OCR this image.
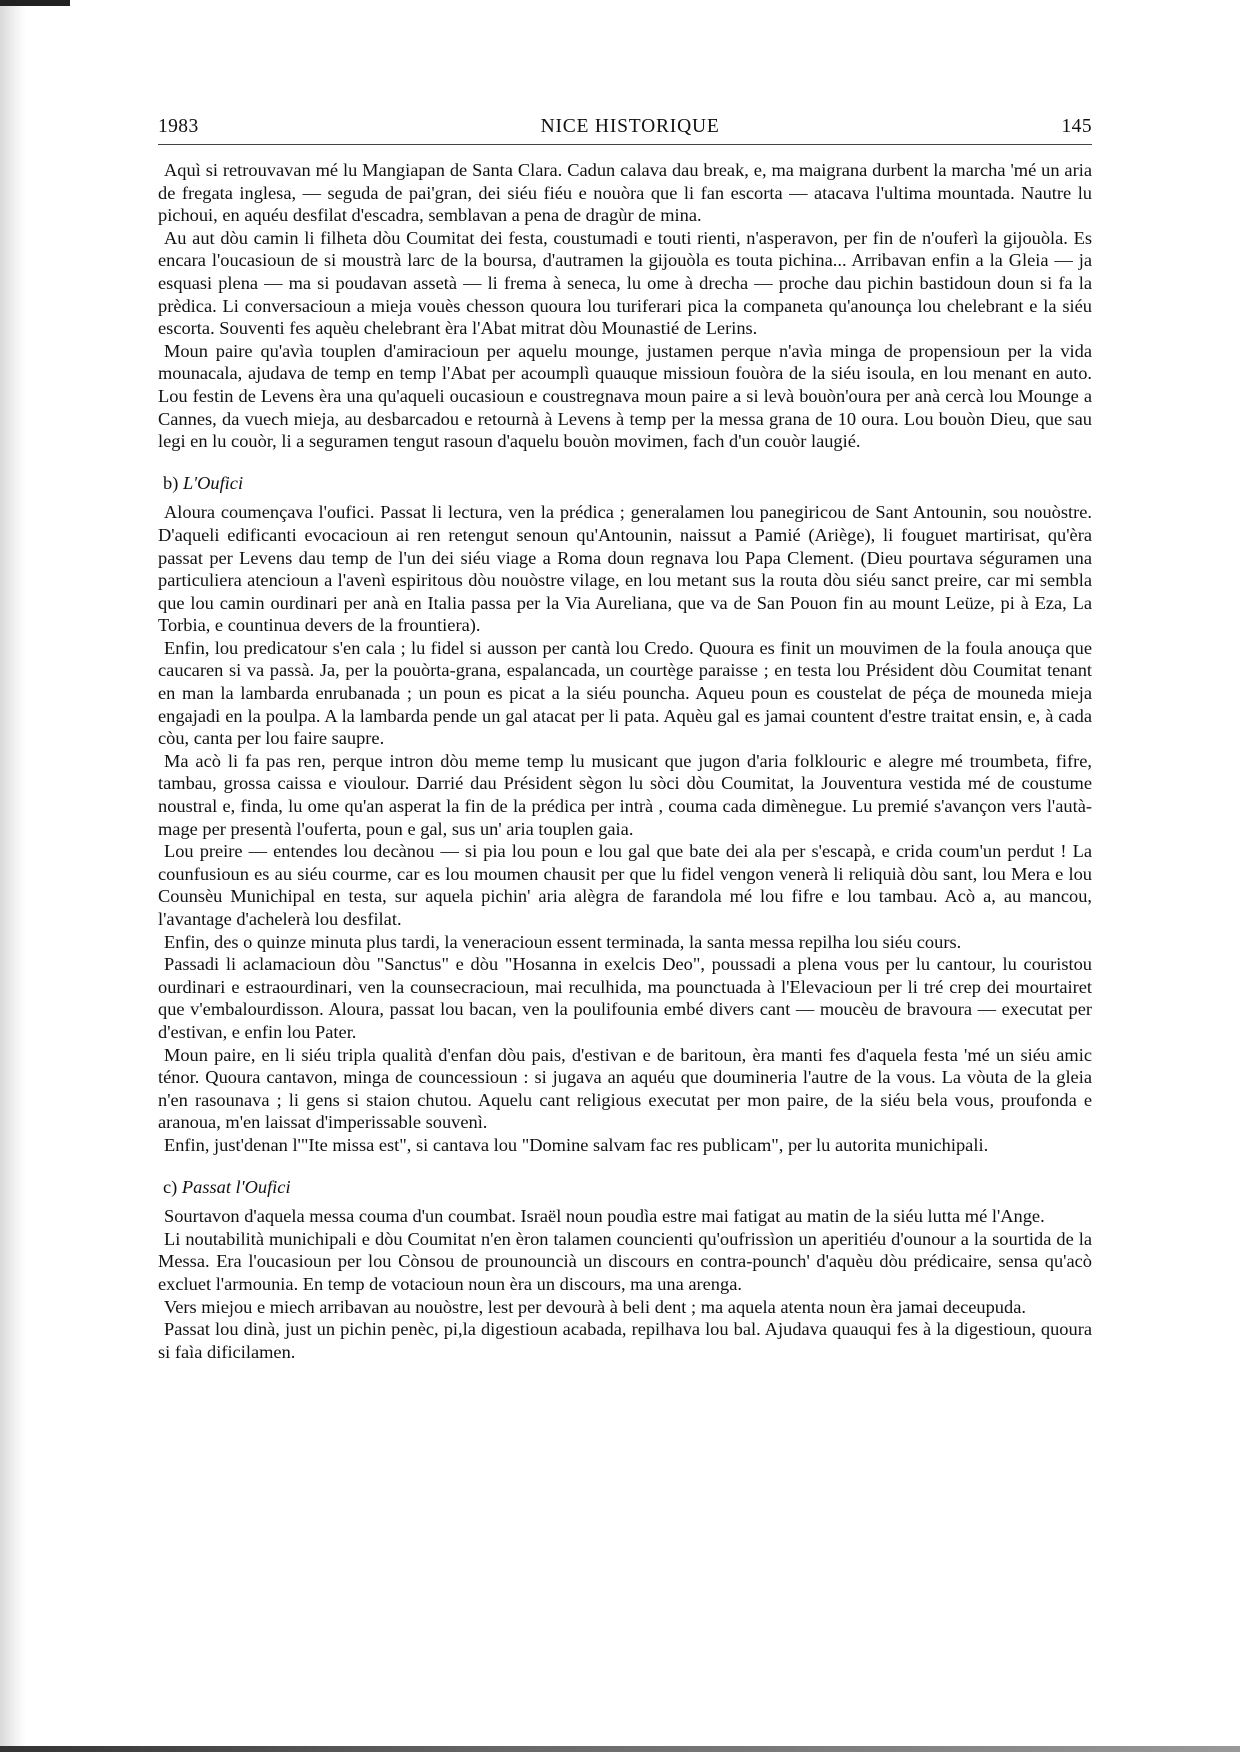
1983	NICE HISTORIQUE	145

Aquì si retrouvavan mé lu Mangiapan de Santa Clara. Cadun calava dau break, e, ma maigrana durbent la marcha 'mé un aria de fregata inglesa, — seguda de pai'gran, dei siéu fiéu e nouòra que li fan escorta — atacava l'ultima mountada. Nautre lu pichoui, en aquéu desfilat d'escadra, semblavan a pena de dragùr de mina.

Au aut dòu camin li filheta dòu Coumitat dei festa, coustumadi e touti rienti, n'asperavon, per fin de n'ouferì la gijouòla. Es encara l'oucasioun de si moustrà larc de la boursa, d'autramen la gijouòla es touta pichina... Arribavan enfin a la Gleia — ja esquasi plena — ma si poudavan assetà — li frema à seneca, lu ome à drecha — proche dau pichin bastidoun doun si fa la prèdica. Li conversacioun a mieja vouès chesson quoura lou turiferari pica la companeta qu'anounça lou chelebrant e la siéu escorta. Souventi fes aquèu chelebrant èra l'Abat mitrat dòu Mounastié de Lerins.

Moun paire qu'avìa touplen d'amiracioun per aquelu mounge, justamen perque n'avìa minga de propensioun per la vida mounacala, ajudava de temp en temp l'Abat per acoumplì quauque missioun fouòra de la siéu isoula, en lou menant en auto. Lou festin de Levens èra una qu'aqueli oucasioun e coustregnava moun paire a si levà bouòn'oura per anà cercà lou Mounge a Cannes, da vuech mieja, au desbarcadou e retournà à Levens à temp per la messa grana de 10 oura. Lou bouòn Dieu, que sau legi en lu couòr, li a seguramen tengut rasoun d'aquelu bouòn movimen, fach d'un couòr laugié.

b) L'Oufici

Aloura coumençava l'oufici. Passat li lectura, ven la prédica ; generalamen lou panegiricou de Sant Antounin, sou nouòstre. D'aqueli edificanti evocacioun ai ren retengut senoun qu'Antounin, naissut a Pamié (Ariège), li fouguet martirisat, qu'èra passat per Levens dau temp de l'un dei siéu viage a Roma doun regnava lou Papa Clement. (Dieu pourtava séguramen una particuliera atencioun a l'avenì espiritous dòu nouòstre vilage, en lou metant sus la routa dòu siéu sanct preire, car mi sembla que lou camin ourdinari per anà en Italia passa per la Via Aureliana, que va de San Pouon fin au mount Leüze, pi à Eza, La Torbia, e countinua devers de la frountiera).

Enfin, lou predicatour s'en cala ; lu fidel si ausson per cantà lou Credo. Quoura es finit un mouvimen de la foula anouça que caucaren si va passà. Ja, per la pouòrta-grana, espalancada, un courtège paraisse ; en testa lou Président dòu Coumitat tenant en man la lambarda enrubanada ; un poun es picat a la siéu pouncha. Aqueu poun es coustelat de péça de mouneda mieja engajadi en la poulpa. A la lambarda pende un gal atacat per li pata. Aquèu gal es jamai countent d'estre traitat ensin, e, à cada còu, canta per lou faire saupre.

Ma acò li fa pas ren, perque intron dòu meme temp lu musicant que jugon d'aria folklouric e alegre mé troumbeta, fifre, tambau, grossa caissa e vioulour. Darrié dau Président sègon lu sòci dòu Coumitat, la Jouventura vestida mé de coustume noustral e, finda, lu ome qu'an asperat la fin de la prédica per intrà , couma cada dimènegue. Lu premié s'avançon vers l'autà-mage per presentà l'ouferta, poun e gal, sus un' aria touplen gaia.

Lou preire — entendes lou decànou — si pia lou poun e lou gal que bate dei ala per s'escapà, e crida coum'un perdut ! La counfusioun es au siéu courme, car es lou moumen chausit per que lu fidel vengon venerà li reliquià dòu sant, lou Mera e lou Counsèu Munichipal en testa, sur aquela pichin' aria alègra de farandola mé lou fifre e lou tambau. Acò a, au mancou, l'avantage d'achelerà lou desfilat.

Enfin, des o quinze minuta plus tardi, la veneracioun essent terminada, la santa messa repilha lou siéu cours.

Passadi li aclamacioun dòu "Sanctus" e dòu "Hosanna in exelcis Deo", poussadi a plena vous per lu cantour, lu couristou ourdinari e estraourdinari, ven la counsecracioun, mai reculhida, ma pounctuada à l'Elevacioun per li tré crep dei mourtairet que v'embalourdisson. Aloura, passat lou bacan, ven la poulifounia embé divers cant — moucèu de bravoura — executat per d'estivan, e enfin lou Pater.

Moun paire, en li siéu tripla qualità d'enfan dòu pais, d'estivan e de baritoun, èra manti fes d'aquela festa 'mé un siéu amic ténor. Quoura cantavon, minga de councessioun : si jugava an aquéu que doumineria l'autre de la vous. La vòuta de la gleia n'en rasounava ; li gens si staion chutou. Aquelu cant religious executat per mon paire, de la siéu bela vous, proufonda e aranoua, m'en laissat d'imperissable souvenì.

Enfin, just'denan l'"Ite missa est", si cantava lou "Domine salvam fac res publicam", per lu autorita munichipali.

c) Passat l'Oufici

Sourtavon d'aquela messa couma d'un coumbat. Israël noun poudìa estre mai fatigat au matin de la siéu lutta mé l'Ange.

Li noutabilità munichipali e dòu Coumitat n'en èron talamen councienti qu'oufrissìon un aperitiéu d'ounour a la sourtida de la Messa. Era l'oucasioun per lou Cònsou de prounouncià un discours en contra-pounch' d'aquèu dòu prédicaire, sensa qu'acò excluet l'armounia. En temp de votacioun noun èra un discours, ma una arenga.

Vers miejou e miech arribavan au nouòstre, lest per devourà à beli dent ; ma aquela atenta noun èra jamai deceupuda.

Passat lou dinà, just un pichin penèc, pi,la digestioun acabada, repilhava lou bal. Ajudava quauqui fes à la digestioun, quoura si faìa dificilamen.
